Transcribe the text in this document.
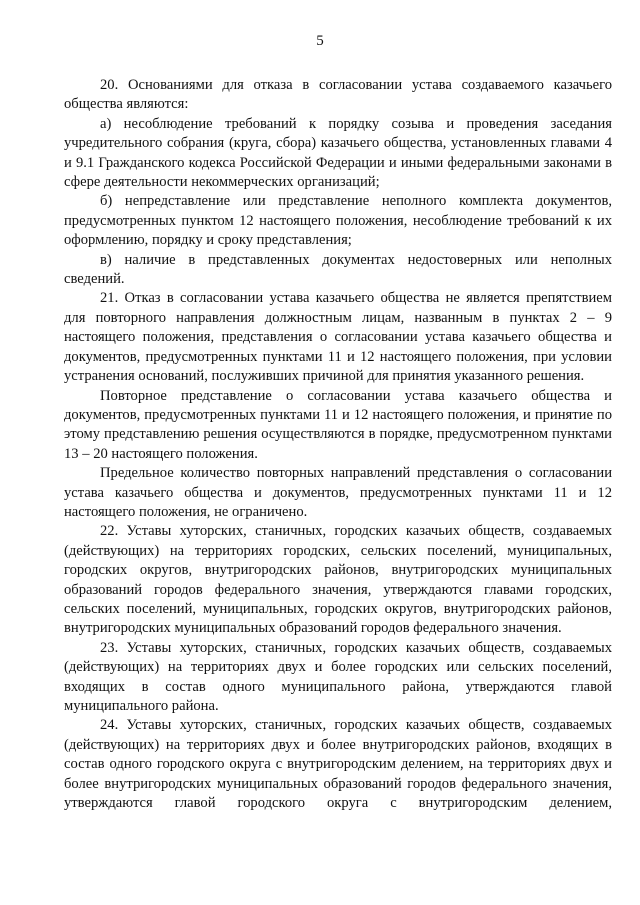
5

20. Основаниями для отказа в согласовании устава создаваемого казачьего общества являются:

а) несоблюдение требований к порядку созыва и проведения заседания учредительного собрания (круга, сбора) казачьего общества, установленных главами 4 и 9.1 Гражданского кодекса Российской Федерации и иными федеральными законами в сфере деятельности некоммерческих организаций;

б) непредставление или представление неполного комплекта документов, предусмотренных пунктом 12 настоящего положения, несоблюдение требований к их оформлению, порядку и сроку представления;

в) наличие в представленных документах недостоверных или неполных сведений.

21. Отказ в согласовании устава казачьего общества не является препятствием для повторного направления должностным лицам, названным в пунктах 2 – 9 настоящего положения, представления о согласовании устава казачьего общества и документов, предусмотренных пунктами 11 и 12 настоящего положения, при условии устранения оснований, послуживших причиной для принятия указанного решения.

Повторное представление о согласовании устава казачьего общества и документов, предусмотренных пунктами 11 и 12 настоящего положения, и принятие по этому представлению решения осуществляются в порядке, предусмотренном пунктами 13 – 20 настоящего положения.

Предельное количество повторных направлений представления о согласовании устава казачьего общества и документов, предусмотренных пунктами 11 и 12 настоящего положения, не ограничено.

22. Уставы хуторских, станичных, городских казачьих обществ, создаваемых (действующих) на территориях городских, сельских поселений, муниципальных, городских округов, внутригородских районов, внутригородских муниципальных образований городов федерального значения, утверждаются главами городских, сельских поселений, муниципальных, городских округов, внутригородских районов, внутригородских муниципальных образований городов федерального значения.

23. Уставы хуторских, станичных, городских казачьих обществ, создаваемых (действующих) на территориях двух и более городских или сельских поселений, входящих в состав одного муниципального района, утверждаются главой муниципального района.

24. Уставы хуторских, станичных, городских казачьих обществ, создаваемых (действующих) на территориях двух и более внутригородских районов, входящих в состав одного городского округа с внутригородским делением, на территориях двух и более внутригородских муниципальных образований городов федерального значения, утверждаются главой городского округа с внутригородским делением,
